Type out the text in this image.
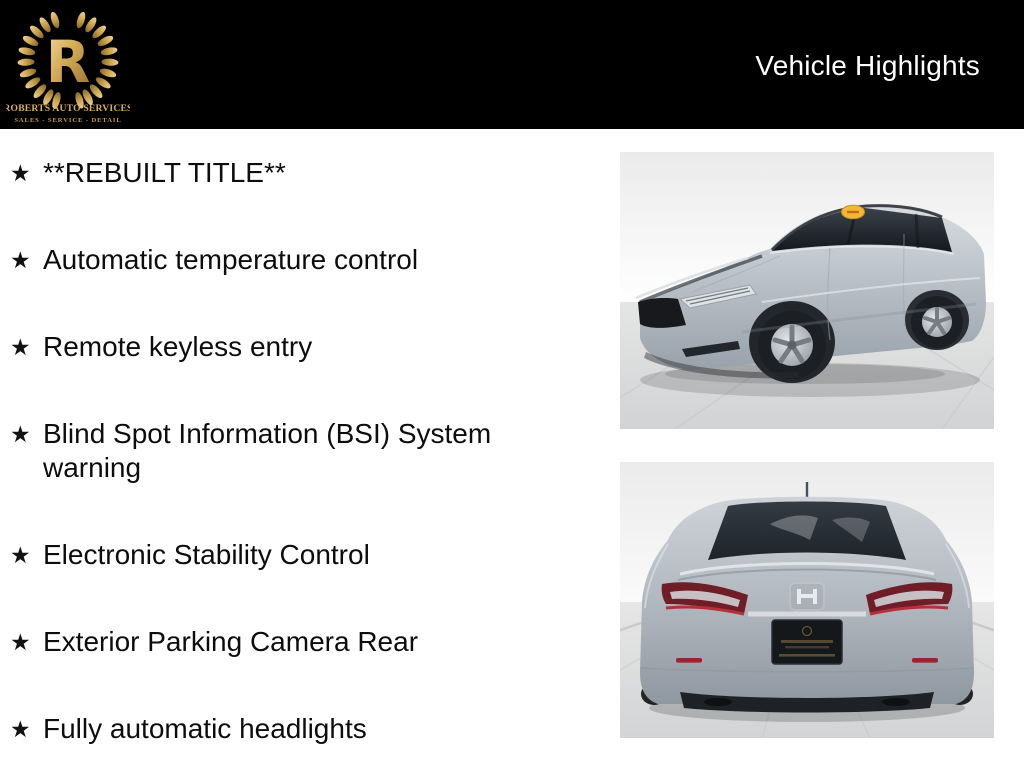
R
ROBERTS AUTO SERVICES
SALES - SERVICE - DETAIL
Vehicle Highlights
★ **REBUILT TITLE**
★ Automatic temperature control
★ Remote keyless entry
★ Blind Spot Information (BSI) System warning
★ Electronic Stability Control
★ Exterior Parking Camera Rear
★ Fully automatic headlights
